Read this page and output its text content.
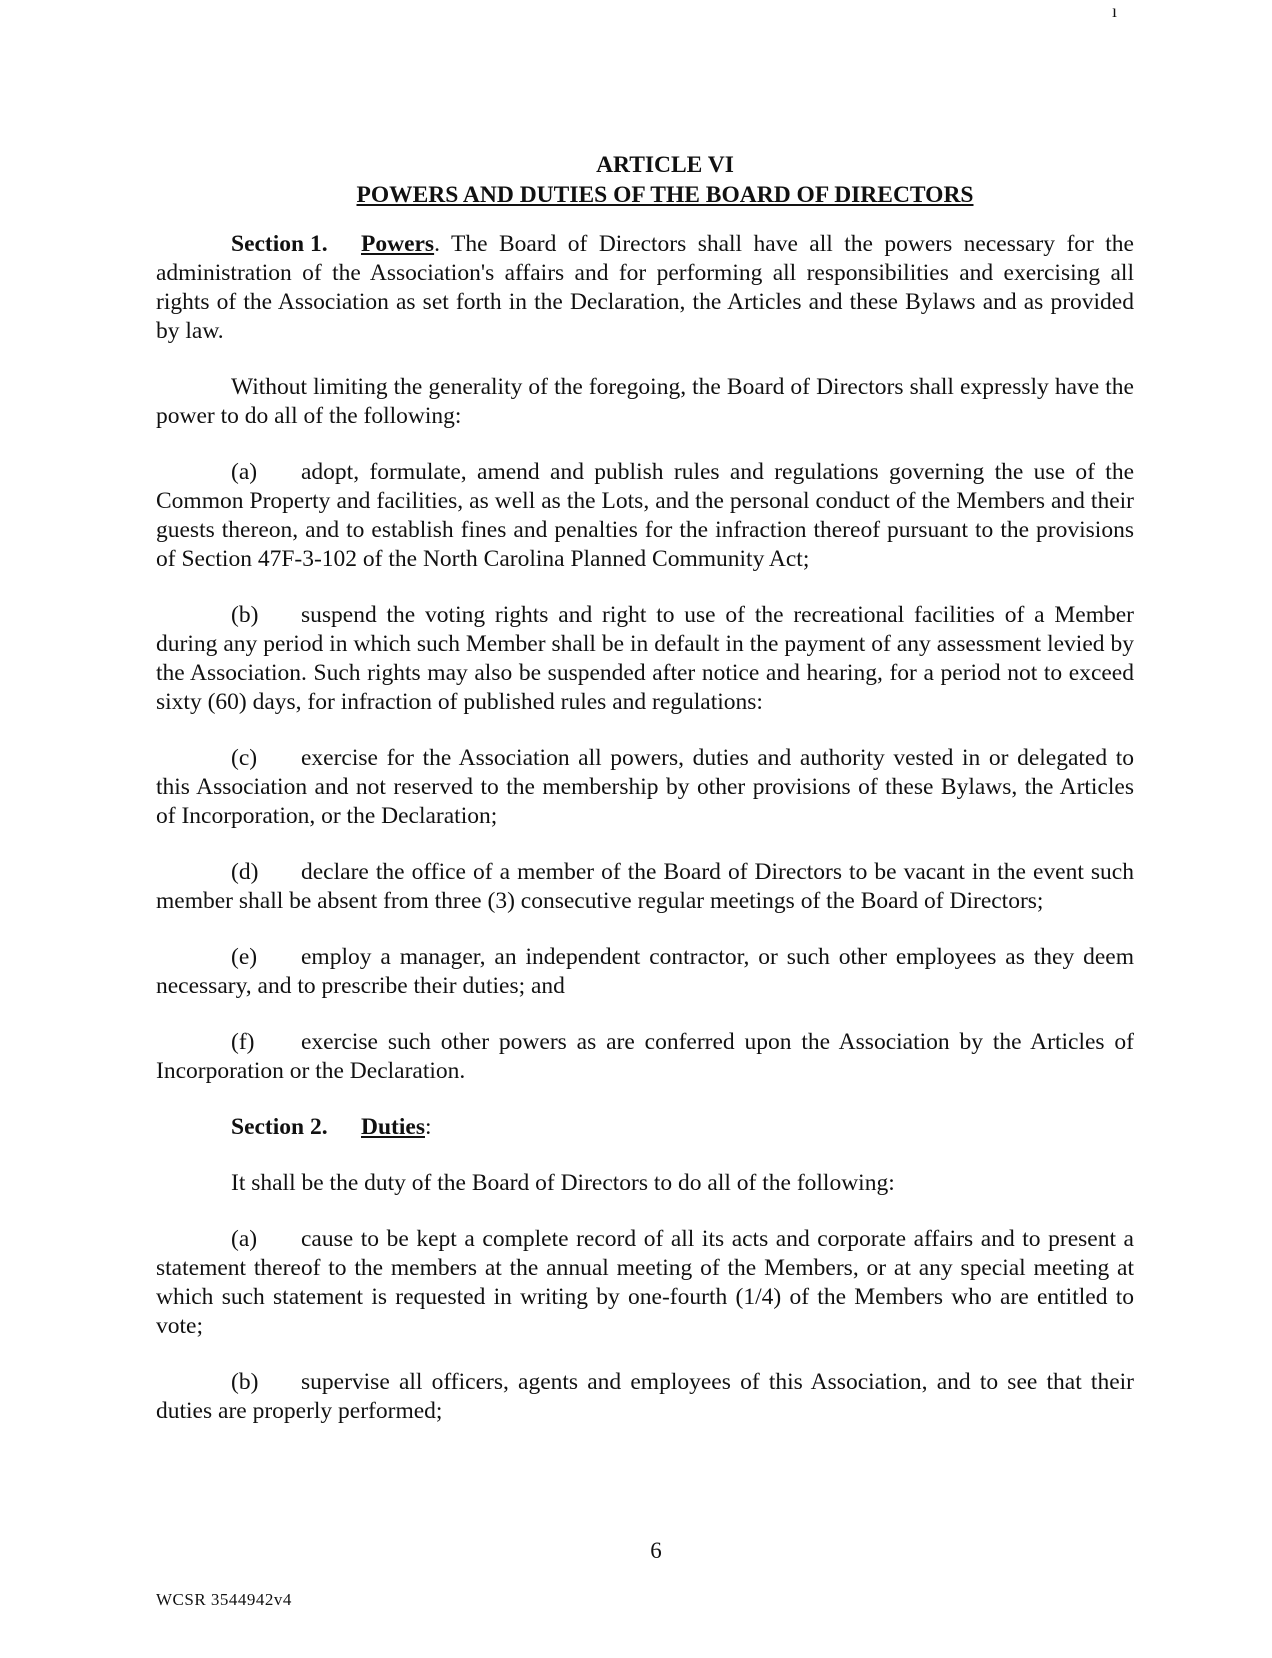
ı
ARTICLE VI
POWERS AND DUTIES OF THE BOARD OF DIRECTORS

Section 1. Powers. The Board of Directors shall have all the powers necessary for the administration of the Association's affairs and for performing all responsibilities and exercising all rights of the Association as set forth in the Declaration, the Articles and these Bylaws and as provided by law.

Without limiting the generality of the foregoing, the Board of Directors shall expressly have the power to do all of the following:

(a) adopt, formulate, amend and publish rules and regulations governing the use of the Common Property and facilities, as well as the Lots, and the personal conduct of the Members and their guests thereon, and to establish fines and penalties for the infraction thereof pursuant to the provisions of Section 47F-3-102 of the North Carolina Planned Community Act;

(b) suspend the voting rights and right to use of the recreational facilities of a Member during any period in which such Member shall be in default in the payment of any assessment levied by the Association. Such rights may also be suspended after notice and hearing, for a period not to exceed sixty (60) days, for infraction of published rules and regulations:

(c) exercise for the Association all powers, duties and authority vested in or delegated to this Association and not reserved to the membership by other provisions of these Bylaws, the Articles of Incorporation, or the Declaration;

(d) declare the office of a member of the Board of Directors to be vacant in the event such member shall be absent from three (3) consecutive regular meetings of the Board of Directors;

(e) employ a manager, an independent contractor, or such other employees as they deem necessary, and to prescribe their duties; and

(f) exercise such other powers as are conferred upon the Association by the Articles of Incorporation or the Declaration.

Section 2. Duties:

It shall be the duty of the Board of Directors to do all of the following:

(a) cause to be kept a complete record of all its acts and corporate affairs and to present a statement thereof to the members at the annual meeting of the Members, or at any special meeting at which such statement is requested in writing by one-fourth (1/4) of the Members who are entitled to vote;

(b) supervise all officers, agents and employees of this Association, and to see that their duties are properly performed;

6
WCSR 3544942v4
